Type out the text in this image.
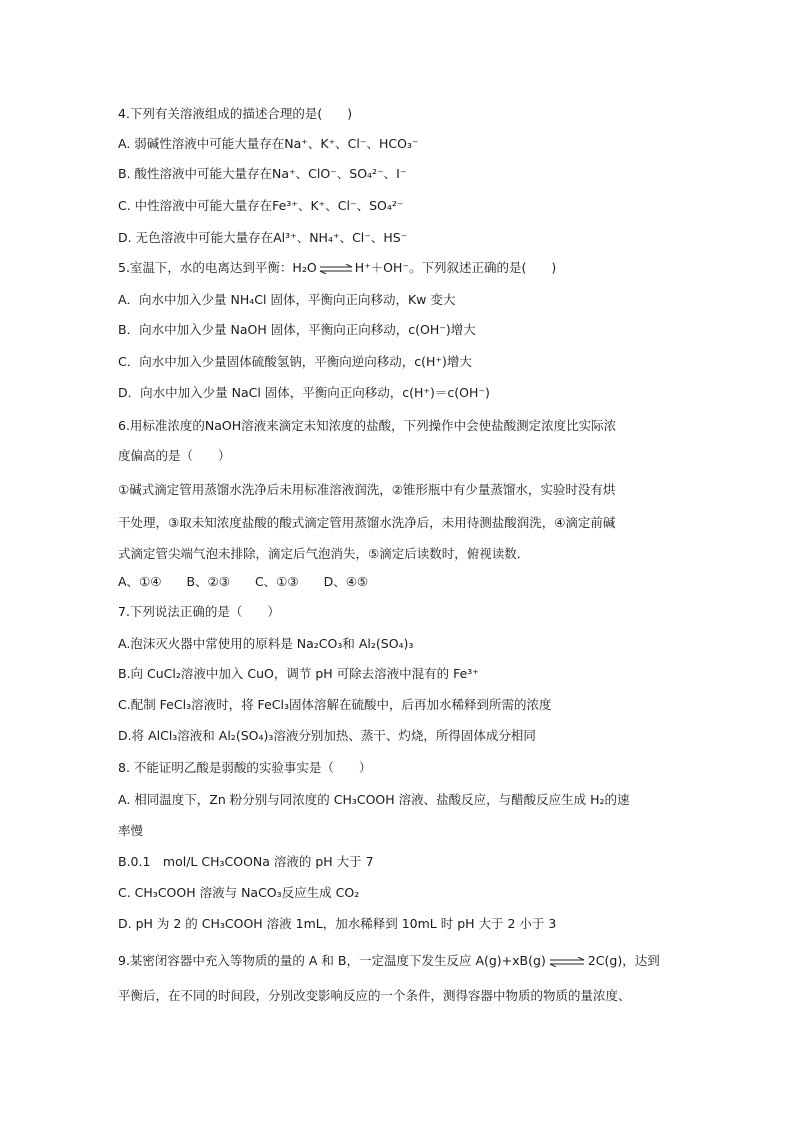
4.下列有关溶液组成的描述合理的是(　　)
A. 弱碱性溶液中可能大量存在Na⁺、K⁺、Cl⁻、HCO₃⁻
B. 酸性溶液中可能大量存在Na⁺、ClO⁻、SO₄²⁻、I⁻
C. 中性溶液中可能大量存在Fe³⁺、K⁺、Cl⁻、SO₄²⁻
D. 无色溶液中可能大量存在Al³⁺、NH₄⁺、Cl⁻、HS⁻
5.室温下，水的电离达到平衡：H₂O ⇌ H⁺＋OH⁻。下列叙述正确的是(　　)
A．向水中加入少量 NH₄Cl 固体，平衡向正向移动，Kw 变大
B．向水中加入少量 NaOH 固体，平衡向正向移动，c(OH⁻)增大
C．向水中加入少量固体硫酸氢钠，平衡向逆向移动，c(H⁺)增大
D．向水中加入少量 NaCl 固体，平衡向正向移动，c(H⁺)＝c(OH⁻)
6.用标准浓度的NaOH溶液来滴定未知浓度的盐酸，下列操作中会使盐酸测定浓度比实际浓
度偏高的是（　　）
①碱式滴定管用蒸馏水洗净后未用标准溶液润洗，②锥形瓶中有少量蒸馏水，实验时没有烘
干处理，③取未知浓度盐酸的酸式滴定管用蒸馏水洗净后，未用待测盐酸润洗，④滴定前碱
式滴定管尖端气泡未排除，滴定后气泡消失，⑤滴定后读数时，俯视读数．
A、①④　　B、②③　　C、①③　　D、④⑤
7.下列说法正确的是（　　）
A.泡沫灭火器中常使用的原料是 Na₂CO₃和 Al₂(SO₄)₃
B.向 CuCl₂溶液中加入 CuO，调节 pH 可除去溶液中混有的 Fe³⁺
C.配制 FeCl₃溶液时，将 FeCl₃固体溶解在硫酸中，后再加水稀释到所需的浓度
D.将 AlCl₃溶液和 Al₂(SO₄)₃溶液分别加热、蒸干、灼烧，所得固体成分相同
8. 不能证明乙酸是弱酸的实验事实是（　　）
A. 相同温度下，Zn 粉分别与同浓度的 CH₃COOH 溶液、盐酸反应，与醋酸反应生成 H₂的速
率慢
B.0.1　mol/L CH₃COONa 溶液的 pH 大于 7
C. CH₃COOH 溶液与 NaCO₃反应生成 CO₂
D. pH 为 2 的 CH₃COOH 溶液 1mL，加水稀释到 10mL 时 pH 大于 2 小于 3
9.某密闭容器中充入等物质的量的 A 和 B，一定温度下发生反应 A(g)+xB(g) ⇌ 2C(g)，达到
平衡后，在不同的时间段，分别改变影响反应的一个条件，测得容器中物质的物质的量浓度、
